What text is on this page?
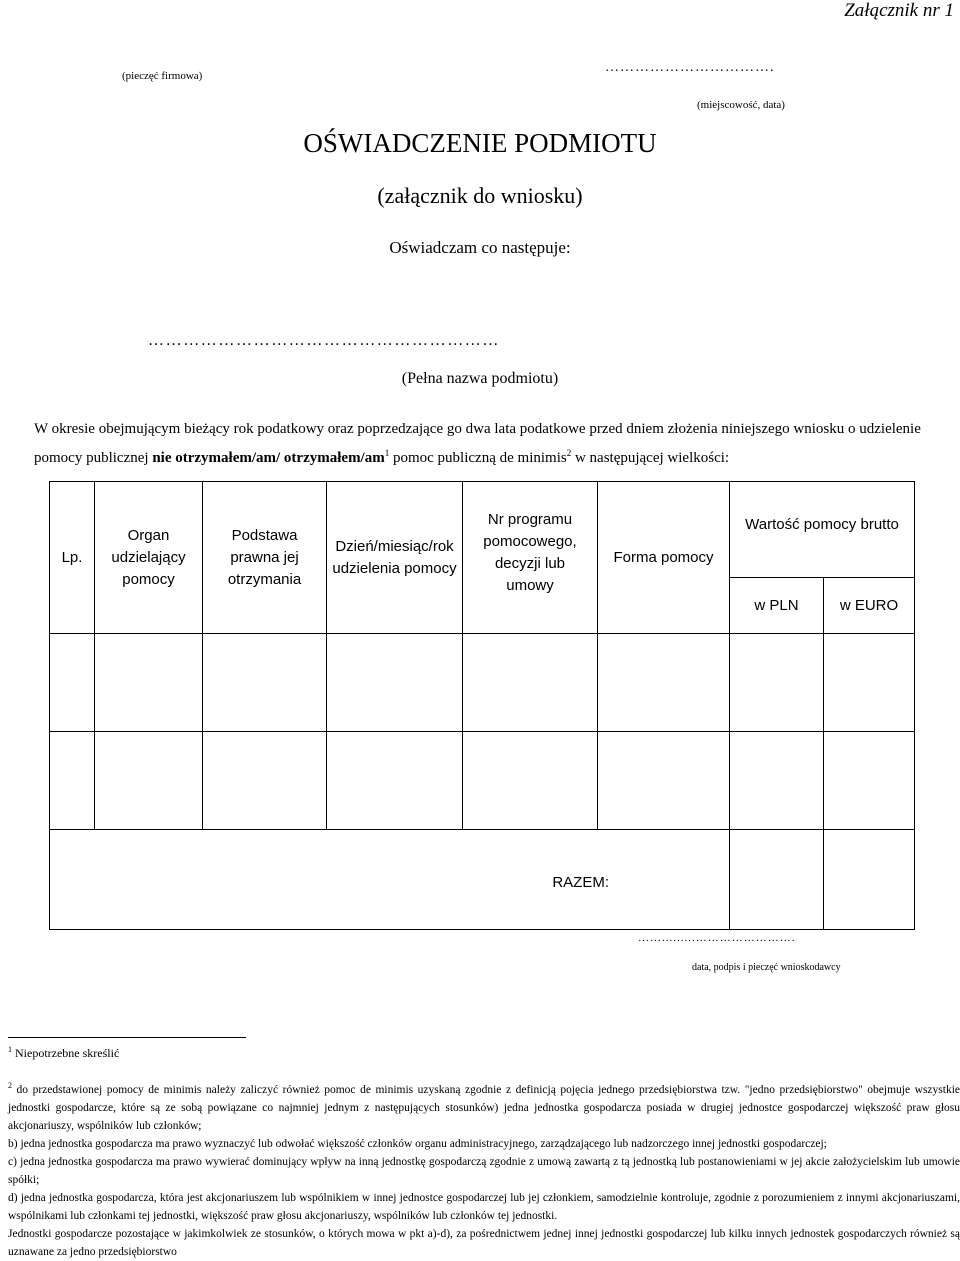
Załącznik nr 1
(pieczęć firmowa)
…………………………….
(miejscowość, data)
OŚWIADCZENIE PODMIOTU
(załącznik do wniosku)
Oświadczam co następuje:
……………………………………………………
(Pełna nazwa podmiotu)
W okresie obejmującym bieżący rok podatkowy oraz poprzedzające go dwa lata podatkowe przed dniem złożenia niniejszego wniosku o udzielenie pomocy publicznej nie otrzymałem/am/ otrzymałem/$am^1$ pomoc publiczną de minimis$^2$ w następującej wielkości:
Lp.	Organ udzielający pomocy	Podstawa prawna jej otrzymania	Dzień/miesiąc/rok udzielenia pomocy	Nr programu pomocowego, decyzji lub umowy	Forma pomocy	Wartość pomocy brutto	
						w PLN	w EURO

RAZEM:							
…….........…………………….
data, podpis i pieczęć wnioskodawcy
$^1$ Niepotrzebne skreślić

$^2$ do przedstawionej pomocy de minimis należy zaliczyć również pomoc de minimis uzyskaną zgodnie z definicją pojęcia jednego przedsiębiorstwa tzw. "jedno przedsiębiorstwo" obejmuje wszystkie jednostki gospodarcze, które są ze sobą powiązane co najmniej jednym z następujących stosunków) jedna jednostka gospodarcza posiada w drugiej jednostce gospodarczej większość praw głosu akcjonariuszy, wspólników lub członków;

b) jedna jednostka gospodarcza ma prawo wyznaczyć lub odwołać większość członków organu administracyjnego, zarządzającego lub nadzorczego innej jednostki gospodarczej;

c) jedna jednostka gospodarcza ma prawo wywierać dominujący wpływ na inną jednostkę gospodarczą zgodnie z umową zawartą z tą jednostką lub postanowieniami w jej akcie założycielskim lub umowie spółki;

d) jedna jednostka gospodarcza, która jest akcjonariuszem lub wspólnikiem w innej jednostce gospodarczej lub jej członkiem, samodzielnie kontroluje, zgodnie z porozumieniem z innymi akcjonariuszami, wspólnikami lub członkami tej jednostki, większość praw głosu akcjonariuszy, wspólników lub członków tej jednostki.

Jednostki gospodarcze pozostające w jakimkolwiek ze stosunków, o których mowa w pkt a)-d), za pośrednictwem jednej innej jednostki gospodarczej lub kilku innych jednostek gospodarczych również są uznawane za jedno przedsiębiorstwo
